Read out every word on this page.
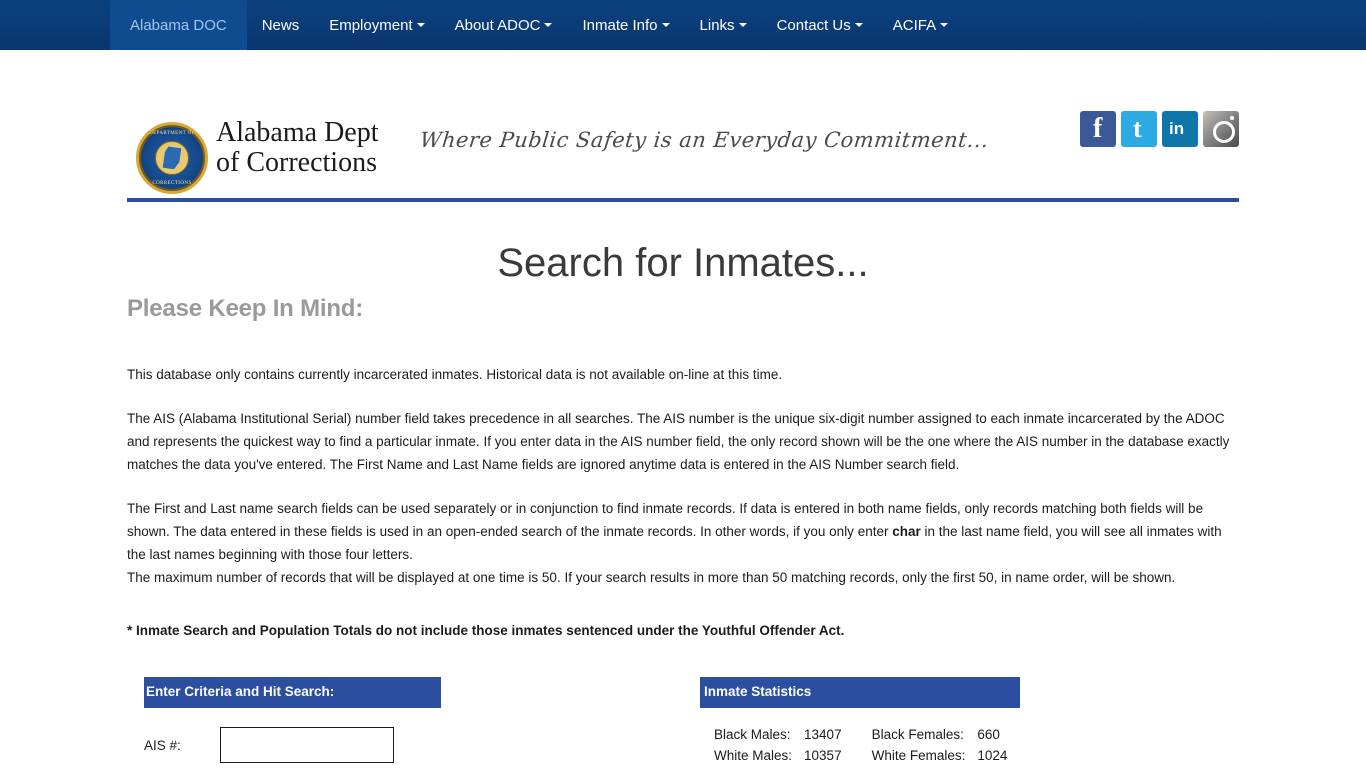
Alabama DOC News Employment	About ADOC	Inmate Info	Links	Contact Us	ACIFA
DEPARTMENT OF
CORRECTIONS
Alabama Dept
of Corrections
Where Public Safety is an Everyday Commitment...
f
t
in
Search for Inmates...
Please Keep In Mind:

This database only contains currently incarcerated inmates. Historical data is not available on-line at this time.

The AIS (Alabama Institutional Serial) number field takes precedence in all searches. The AIS number is the unique six-digit number assigned to each inmate incarcerated by the ADOC and represents the quickest way to find a particular inmate. If you enter data in the AIS number field, the only record shown will be the one where the AIS number in the database exactly matches the data you've entered. The First Name and Last Name fields are ignored anytime data is entered in the AIS Number search field.

The First and Last name search fields can be used separately or in conjunction to find inmate records. If data is entered in both name fields, only records matching both fields will be shown. The data entered in these fields is used in an open-ended search of the inmate records. In other words, if you only enter char in the last name field, you will see all inmates with the last names beginning with those four letters.

The maximum number of records that will be displayed at one time is 50. If your search results in more than 50 matching records, only the first 50, in name order, will be shown.

* Inmate Search and Population Totals do not include those inmates sentenced under the Youthful Offender Act.
Enter Criteria and Hit Search:
AIS #:
Inmate Statistics
Black Males:	13407	Black Females:	660
White Males:	10357	White Females:	1024
